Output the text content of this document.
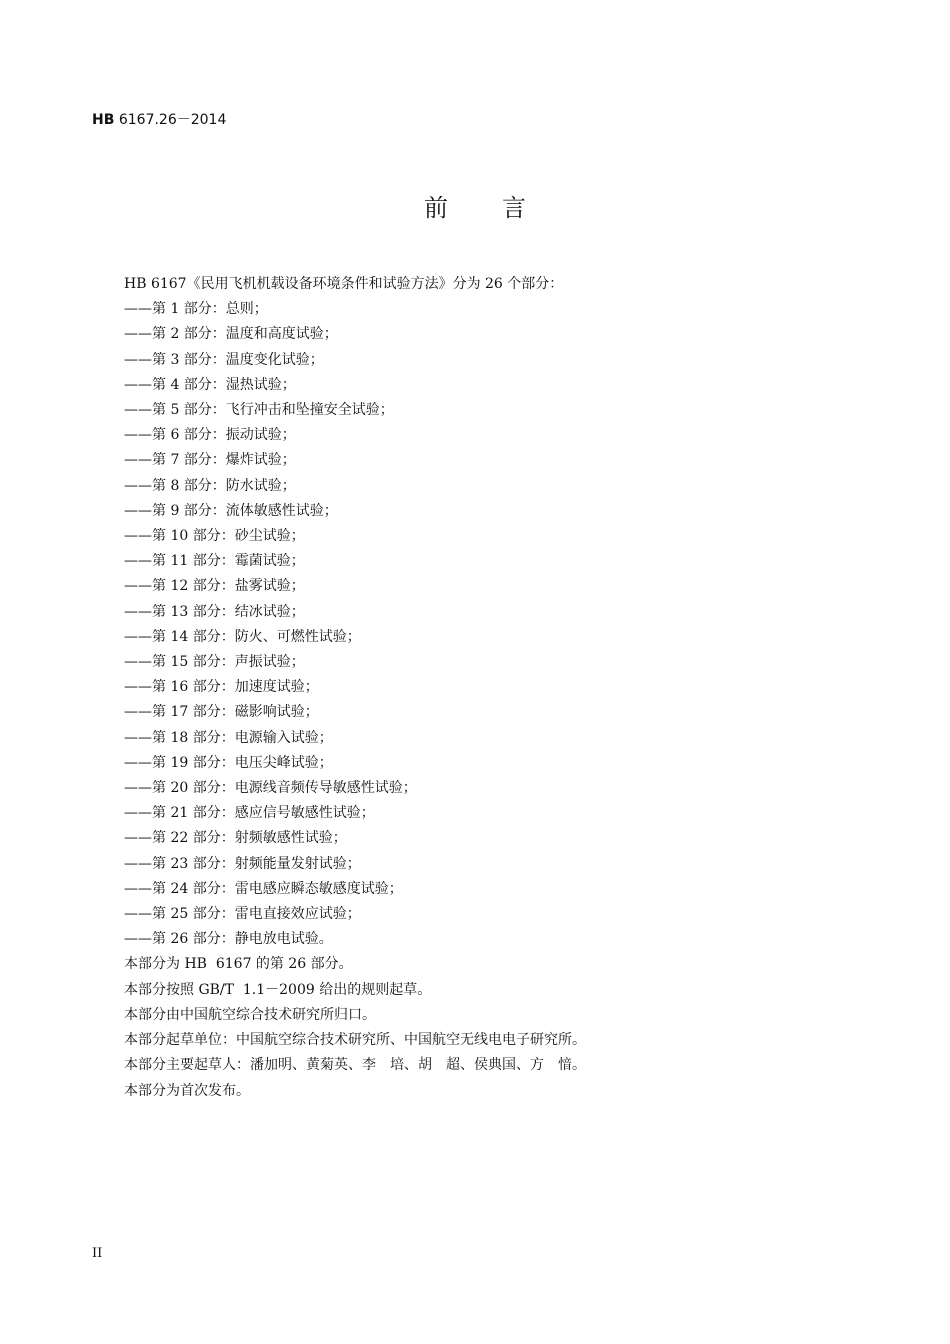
HB 6167.26－2014
前言

HB 6167《民用飞机机载设备环境条件和试验方法》分为 26 个部分：

——第 1 部分：总则；

——第 2 部分：温度和高度试验；

——第 3 部分：温度变化试验；

——第 4 部分：湿热试验；

——第 5 部分：飞行冲击和坠撞安全试验；

——第 6 部分：振动试验；

——第 7 部分：爆炸试验；

——第 8 部分：防水试验；

——第 9 部分：流体敏感性试验；

——第 10 部分：砂尘试验；

——第 11 部分：霉菌试验；

——第 12 部分：盐雾试验；

——第 13 部分：结冰试验；

——第 14 部分：防火、可燃性试验；

——第 15 部分：声振试验；

——第 16 部分：加速度试验；

——第 17 部分：磁影响试验；

——第 18 部分：电源输入试验；

——第 19 部分：电压尖峰试验；

——第 20 部分：电源线音频传导敏感性试验；

——第 21 部分：感应信号敏感性试验；

——第 22 部分：射频敏感性试验；

——第 23 部分：射频能量发射试验；

——第 24 部分：雷电感应瞬态敏感度试验；

——第 25 部分：雷电直接效应试验；

——第 26 部分：静电放电试验。

本部分为 HB  6167 的第 26 部分。

本部分按照 GB/T  1.1－2009 给出的规则起草。

本部分由中国航空综合技术研究所归口。

本部分起草单位：中国航空综合技术研究所、中国航空无线电电子研究所。

本部分主要起草人：潘加明、黄菊英、李　培、胡　超、侯典国、方　愔。

本部分为首次发布。

II
